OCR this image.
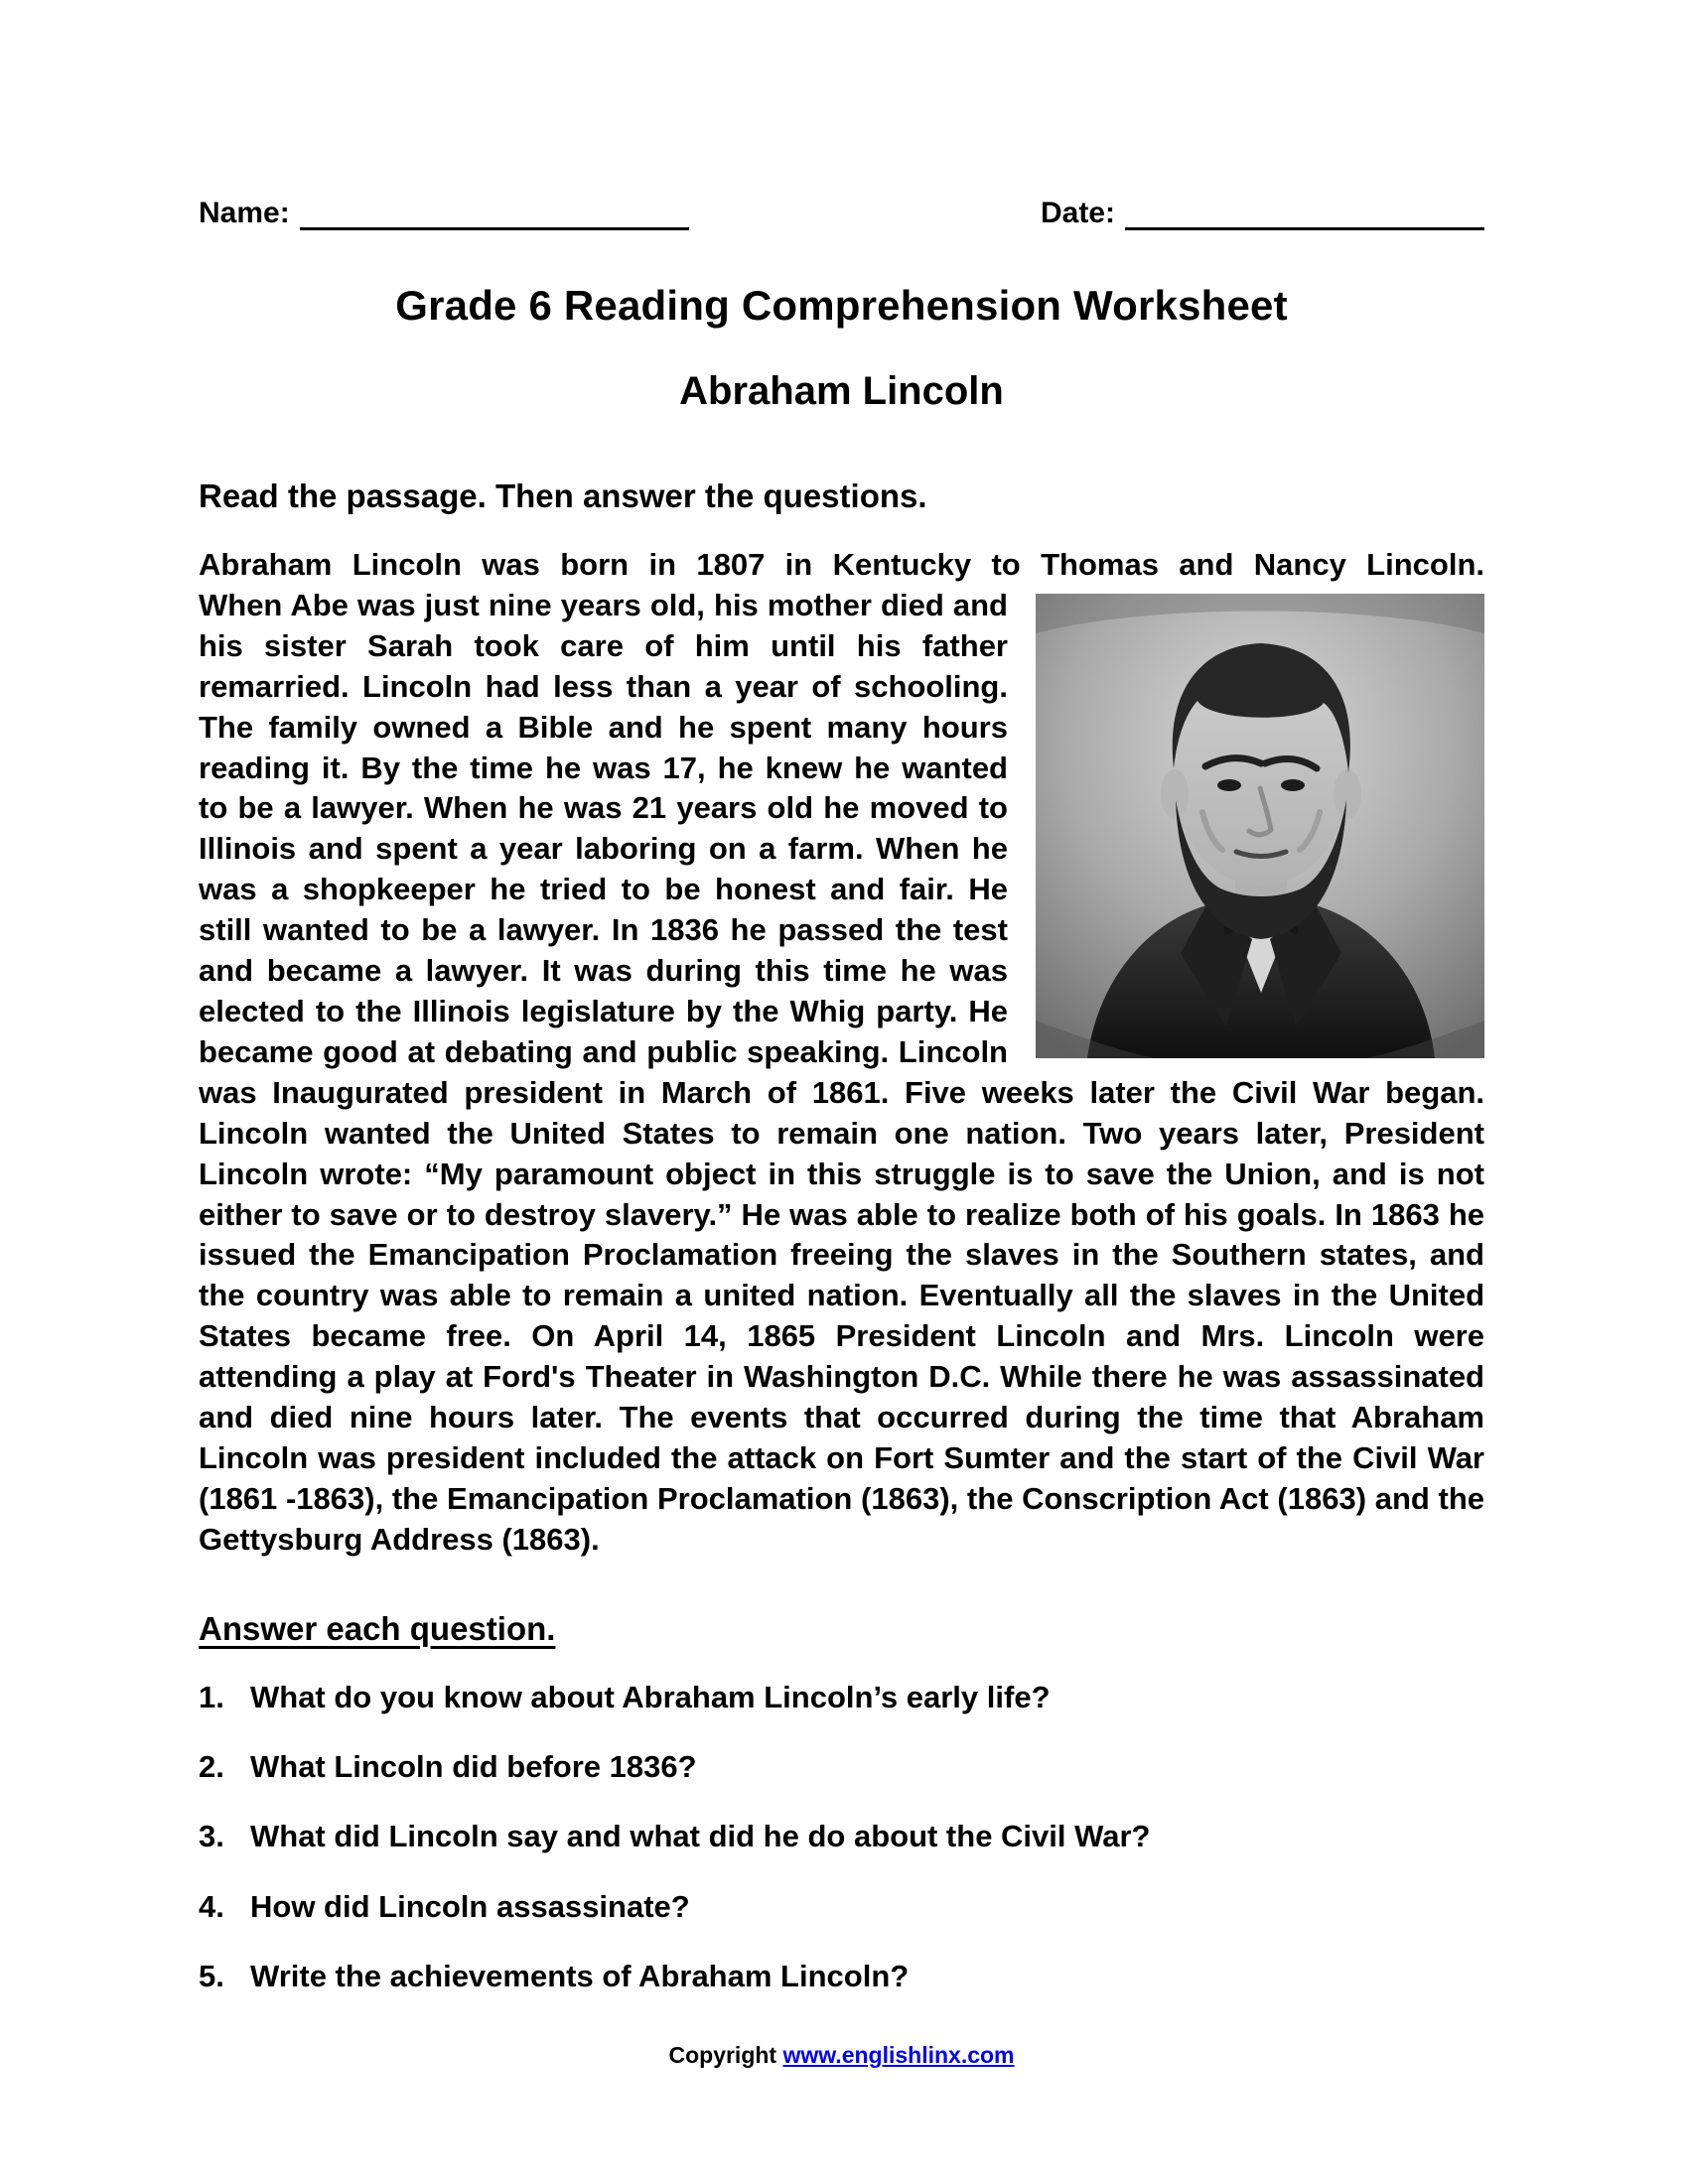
Name:	Date:
Grade 6 Reading Comprehension Worksheet
Abraham Lincoln
Read the passage. Then answer the questions.

Abraham Lincoln was born in 1807 in Kentucky to Thomas and Nancy Lincoln.

When Abe was just nine years old, his mother died and his sister Sarah took care of him until his father remarried. Lincoln had less than a year of schooling. The family owned a Bible and he spent many hours reading it. By the time he was 17, he knew he wanted to be a lawyer. When he was 21 years old he moved to Illinois and spent a year laboring on a farm. When he was a shopkeeper he tried to be honest and fair. He still wanted to be a lawyer. In 1836 he passed the test and became a lawyer. It was during this time he was elected to the Illinois legislature by the Whig party. He became good at debating and public speaking. Lincoln was Inaugurated president in March of 1861. Five weeks later the Civil War began. Lincoln wanted the United States to remain one nation. Two years later, President Lincoln wrote: “My paramount object in this struggle is to save the Union, and is not either to save or to destroy slavery.” He was able to realize both of his goals. In 1863 he issued the Emancipation Proclamation freeing the slaves in the Southern states, and the country was able to remain a united nation. Eventually all the slaves in the United States became free. On April 14, 1865 President Lincoln and Mrs. Lincoln were attending a play at Ford's Theater in Washington D.C. While there he was assassinated and died nine hours later. The events that occurred during the time that Abraham Lincoln was president included the attack on Fort Sumter and the start of the Civil War (1861 -1863), the Emancipation Proclamation (1863), the Conscription Act (1863) and the Gettysburg Address (1863).
Answer each question.
1. What do you know about Abraham Lincoln’s early life?
2. What Lincoln did before 1836?
3. What did Lincoln say and what did he do about the Civil War?
4. How did Lincoln assassinate?
5. Write the achievements of Abraham Lincoln?
Copyright www.englishlinx.com
